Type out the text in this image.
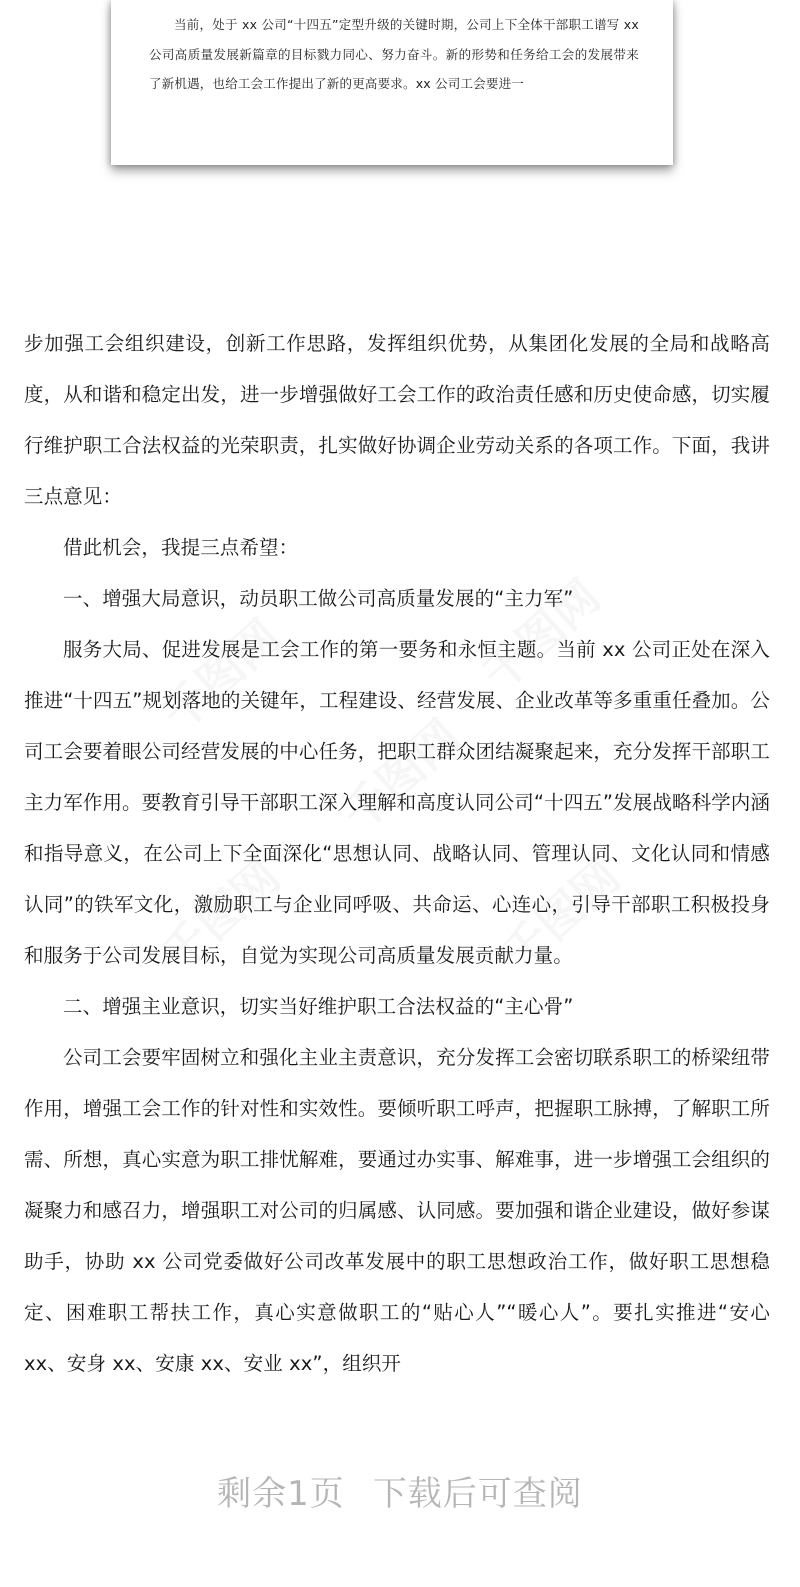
当前，处于 xx 公司“十四五”定型升级的关键时期，公司上下全体干部职工谱写 xx 公司高质量发展新篇章的目标戮力同心、努力奋斗。新的形势和任务给工会的发展带来了新机遇，也给工会工作提出了新的更高要求。xx 公司工会要进一

千图网	千图网
千图网
千图网	千图网

步加强工会组织建设，创新工作思路，发挥组织优势，从集团化发展的全局和战略高度，从和谐和稳定出发，进一步增强做好工会工作的政治责任感和历史使命感，切实履行维护职工合法权益的光荣职责，扎实做好协调企业劳动关系的各项工作。下面，我讲三点意见：

借此机会，我提三点希望：

一、增强大局意识，动员职工做公司高质量发展的“主力军”

服务大局、促进发展是工会工作的第一要务和永恒主题。当前 xx 公司正处在深入推进“十四五”规划落地的关键年，工程建设、经营发展、企业改革等多重重任叠加。公司工会要着眼公司经营发展的中心任务，把职工群众团结凝聚起来，充分发挥干部职工主力军作用。要教育引导干部职工深入理解和高度认同公司“十四五”发展战略科学内涵和指导意义，在公司上下全面深化“思想认同、战略认同、管理认同、文化认同和情感认同”的铁军文化，激励职工与企业同呼吸、共命运、心连心，引导干部职工积极投身和服务于公司发展目标，自觉为实现公司高质量发展贡献力量。

二、增强主业意识，切实当好维护职工合法权益的“主心骨”

公司工会要牢固树立和强化主业主责意识，充分发挥工会密切联系职工的桥梁纽带作用，增强工会工作的针对性和实效性。要倾听职工呼声，把握职工脉搏，了解职工所需、所想，真心实意为职工排忧解难，要通过办实事、解难事，进一步增强工会组织的凝聚力和感召力，增强职工对公司的归属感、认同感。要加强和谐企业建设，做好参谋助手，协助 xx 公司党委做好公司改革发展中的职工思想政治工作，做好职工思想稳定、困难职工帮扶工作，真心实意做职工的“贴心人”“暖心人”。要扎实推进“安心 xx、安身 xx、安康 xx、安业 xx”，组织开

剩余1页 下载后可查阅
